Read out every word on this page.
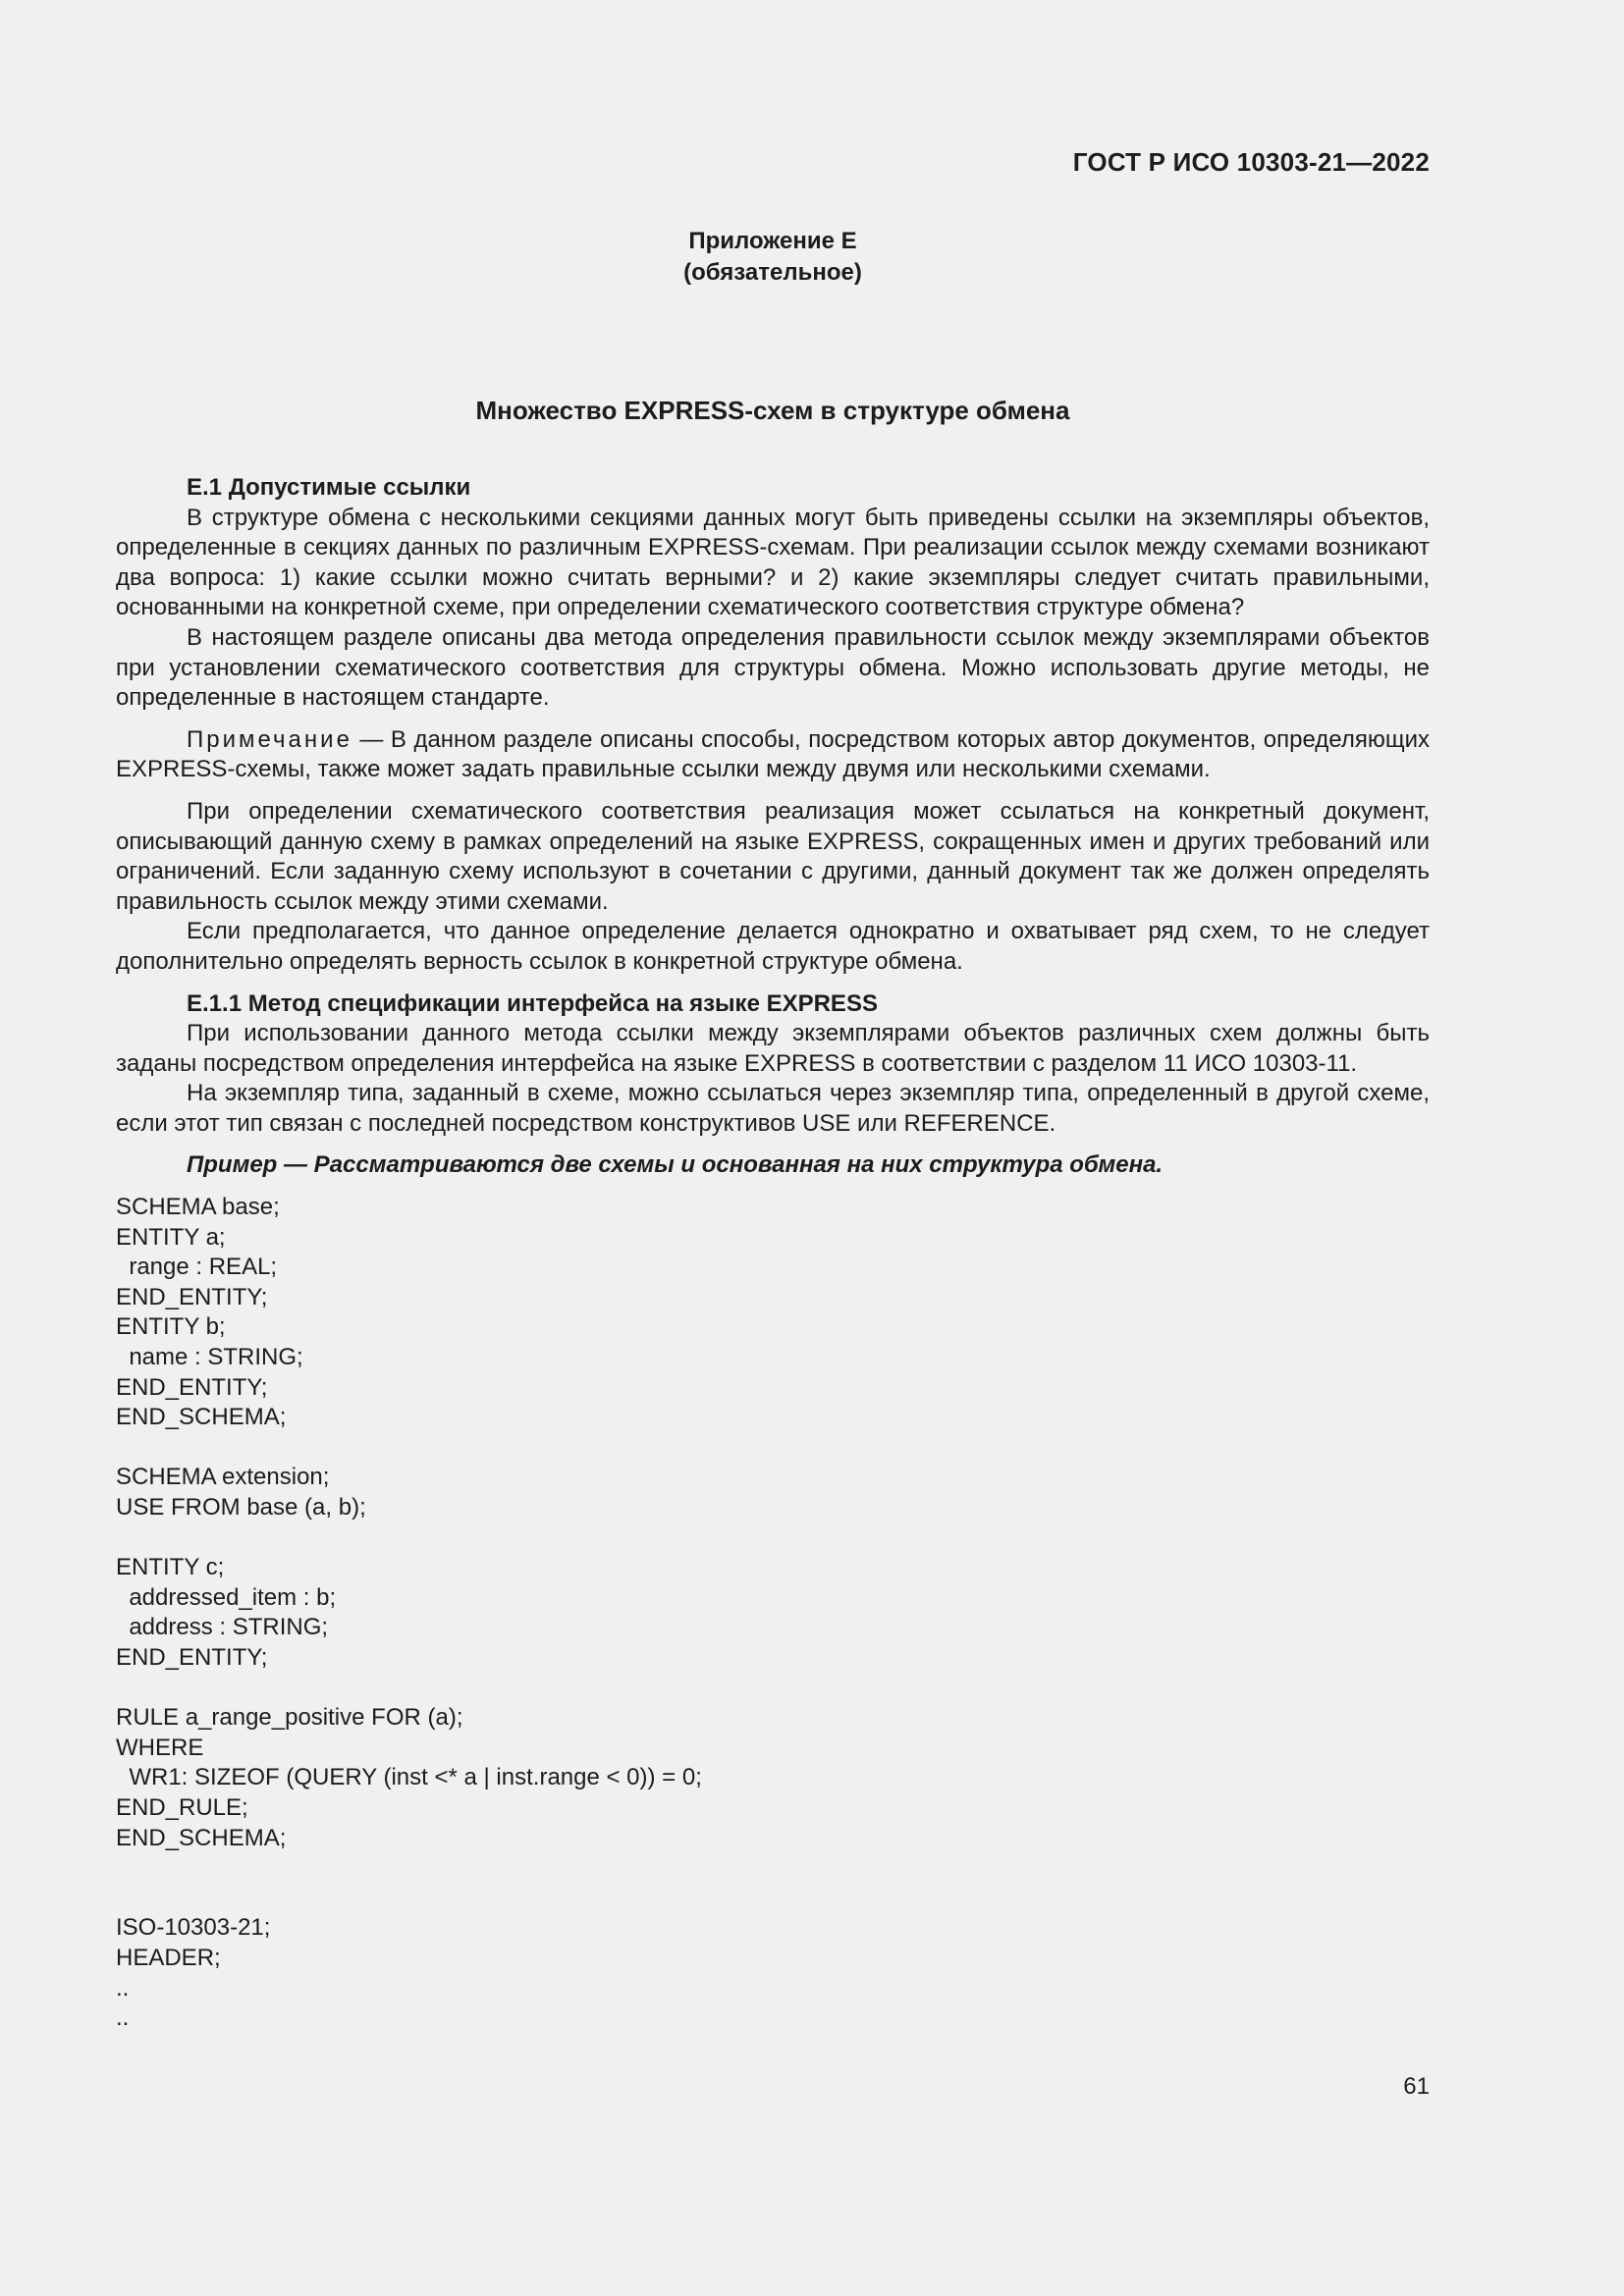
ГОСТ Р ИСО 10303-21—2022
Приложение Е
(обязательное)
Множество EXPRESS-схем в структуре обмена
Е.1 Допустимые ссылки

В структуре обмена с несколькими секциями данных могут быть приведены ссылки на экземпляры объектов, определенные в секциях данных по различным EXPRESS-схемам. При реализации ссылок между схемами возникают два вопроса: 1) какие ссылки можно считать верными? и 2) какие экземпляры следует считать правильными, основанными на конкретной схеме, при определении схематического соответствия структуре обмена?

В настоящем разделе описаны два метода определения правильности ссылок между экземплярами объектов при установлении схематического соответствия для структуры обмена. Можно использовать другие методы, не определенные в настоящем стандарте.

Примечание — В данном разделе описаны способы, посредством которых автор документов, определяющих EXPRESS-схемы, также может задать правильные ссылки между двумя или несколькими схемами.

При определении схематического соответствия реализация может ссылаться на конкретный документ, описывающий данную схему в рамках определений на языке EXPRESS, сокращенных имен и других требований или ограничений. Если заданную схему используют в сочетании с другими, данный документ так же должен определять правильность ссылок между этими схемами.

Если предполагается, что данное определение делается однократно и охватывает ряд схем, то не следует дополнительно определять верность ссылок в конкретной структуре обмена.

Е.1.1 Метод спецификации интерфейса на языке EXPRESS

При использовании данного метода ссылки между экземплярами объектов различных схем должны быть заданы посредством определения интерфейса на языке EXPRESS в соответствии с разделом 11 ИСО 10303-11.

На экземпляр типа, заданный в схеме, можно ссылаться через экземпляр типа, определенный в другой схеме, если этот тип связан с последней посредством конструктивов USE или REFERENCE.

Пример — Рассматриваются две схемы и основанная на них структура обмена.
SCHEMA base;
ENTITY a;
range : REAL;
END_ENTITY;
ENTITY b;
name : STRING;
END_ENTITY;
END_SCHEMA;

SCHEMA extension;
USE FROM base (a, b);

ENTITY c;
addressed_item : b;
address : STRING;
END_ENTITY;

RULE a_range_positive FOR (a);
WHERE
WR1: SIZEOF (QUERY (inst <* a | inst.range < 0)) = 0;
END_RULE;
END_SCHEMA;

ISO-10303-21;
HEADER;
..
..
61
